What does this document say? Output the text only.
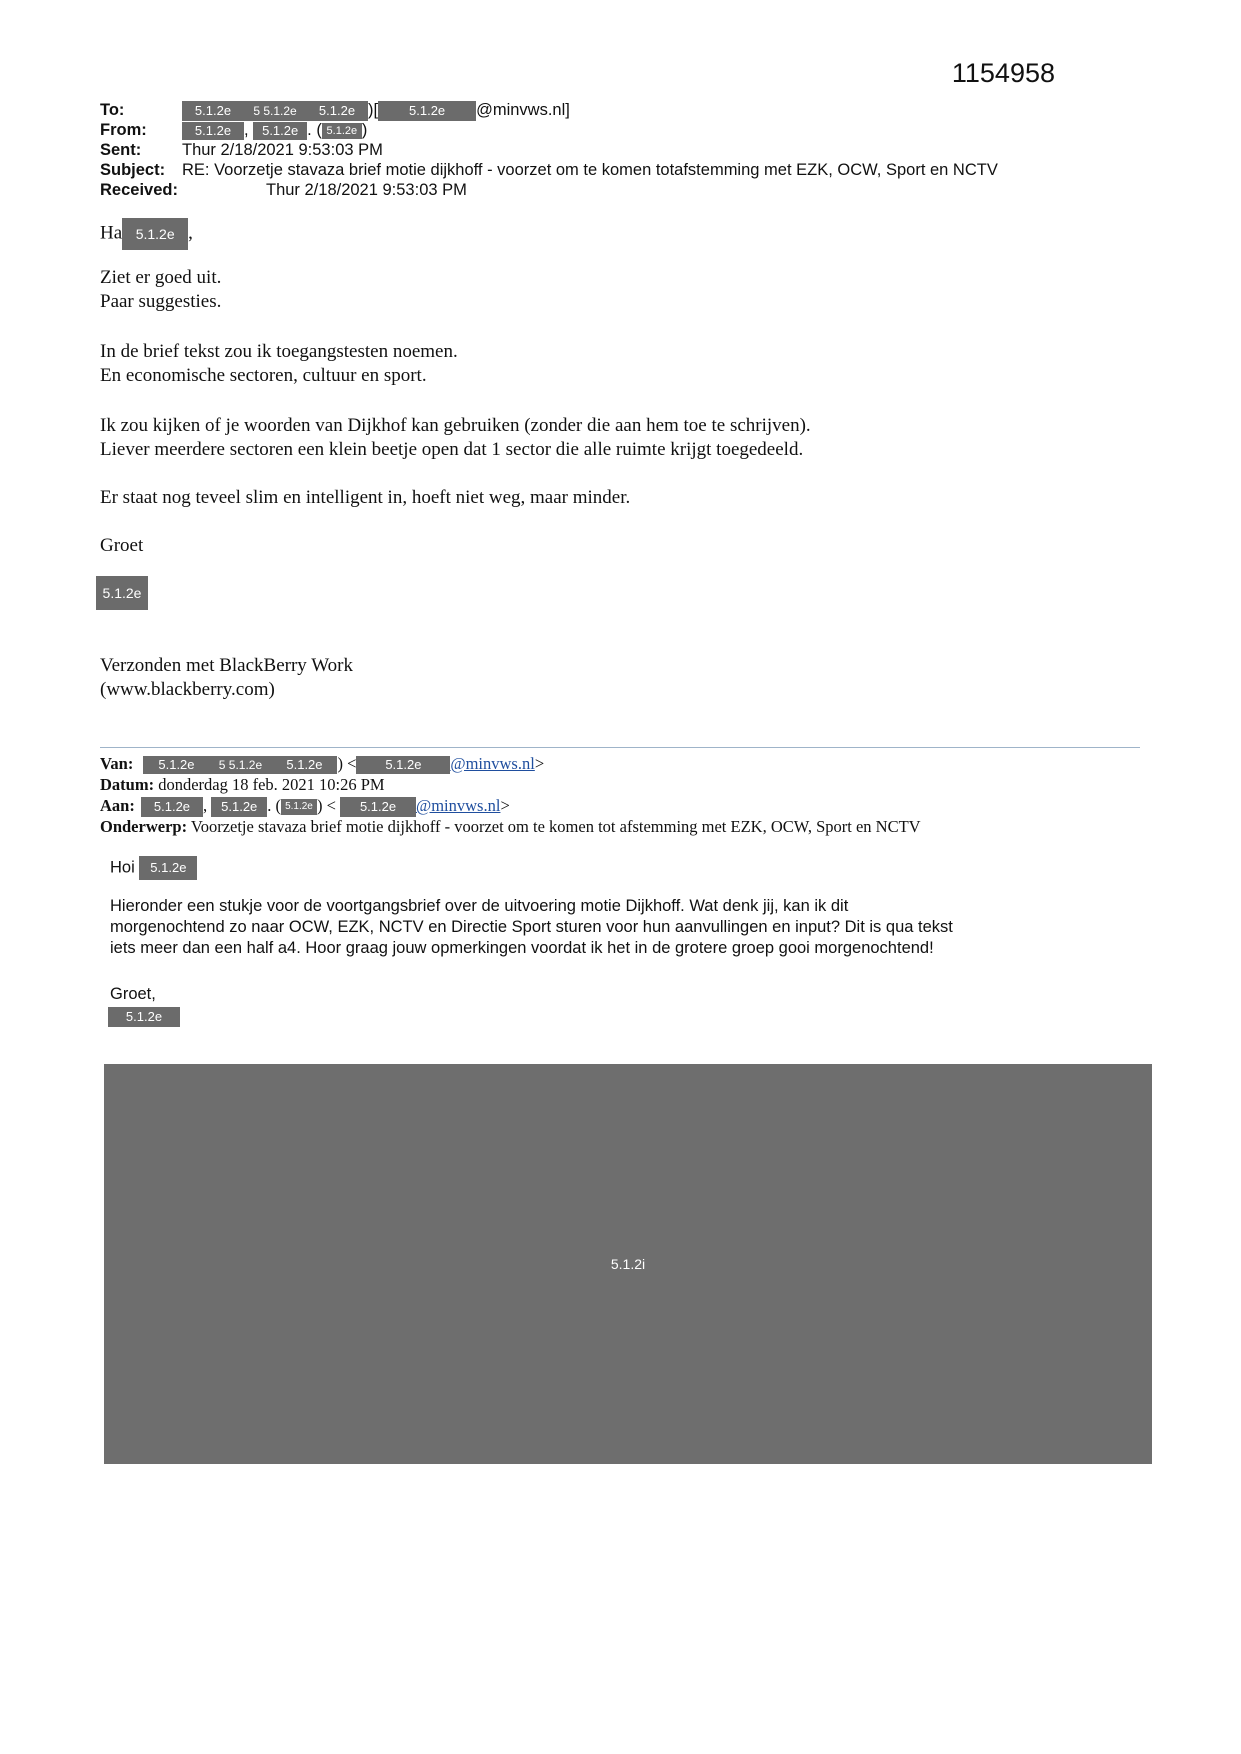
1154958
To:	5.1.2e 5 5.1.2e 5.1.2e )[ 5.1.2e @minvws.nl]
From:	5.1.2e , 5.1.2e . ( 5.1.2e )
Sent: Thur 2/18/2021 9:53:03 PM
Subject: RE: Voorzetje stavaza brief motie dijkhoff - voorzet om te komen totafstemming met EZK, OCW, Sport en NCTV
Received:	Thur 2/18/2021 9:53:03 PM
Ha 5.1.2e ,
Ziet er goed uit.
Paar suggesties.
In de brief tekst zou ik toegangstesten noemen.
En economische sectoren, cultuur en sport.
Ik zou kijken of je woorden van Dijkhof kan gebruiken (zonder die aan hem toe te schrijven).
Liever meerdere sectoren een klein beetje open dat 1 sector die alle ruimte krijgt toegedeeld.
Er staat nog teveel slim en intelligent in, hoeft niet weg, maar minder.
Groet
5.1.2e
Verzonden met BlackBerry Work
(www.blackberry.com)
Van: 5.1.2e 5 5.1.2e 5.1.2e ) < 5.1.2e @minvws.nl>
Datum: donderdag 18 feb. 2021 10:26 PM
Aan: 5.1.2e , 5.1.2e . ( 5.1.2e ) < 5.1.2e @minvws.nl>
Onderwerp: Voorzetje stavaza brief motie dijkhoff - voorzet om te komen tot afstemming met EZK, OCW, Sport en NCTV
Hoi 5.1.2e
Hieronder een stukje voor de voortgangsbrief over de uitvoering motie Dijkhoff. Wat denk jij, kan ik dit
morgenochtend zo naar OCW, EZK, NCTV en Directie Sport sturen voor hun aanvullingen en input? Dit is qua tekst
iets meer dan een half a4. Hoor graag jouw opmerkingen voordat ik het in de grotere groep gooi morgenochtend!
Groet,
5.1.2e
5.1.2i
